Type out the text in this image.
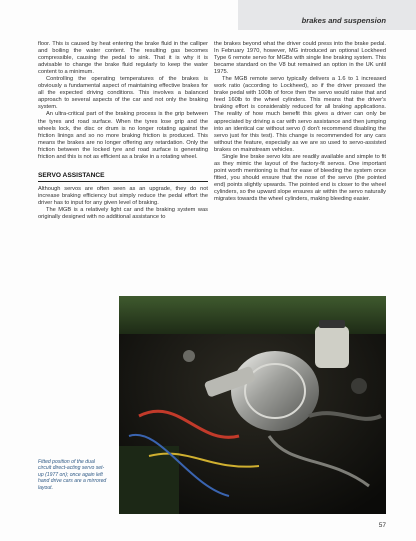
brakes and suspension

floor. This is caused by heat entering the brake fluid in the calliper and boiling the water content. The resulting gas becomes compressible, causing the pedal to sink. That it is why it is advisable to change the brake fluid regularly to keep the water content to a minimum.

Controlling the operating temperatures of the brakes is obviously a fundamental aspect of maintaining effective brakes for all the expected driving conditions. This involves a balanced approach to several aspects of the car and not only the braking system.

An ultra-critical part of the braking process is the grip between the tyres and road surface. When the tyres lose grip and the wheels lock, the disc or drum is no longer rotating against the friction linings and so no more braking friction is produced. This means the brakes are no longer offering any retardation. Only the friction between the locked tyre and road surface is generating friction and this is not as efficient as a brake in a rotating wheel.

SERVO ASSISTANCE

Although servos are often seen as an upgrade, they do not increase braking efficiency but simply reduce the pedal effort the driver has to input for any given level of braking.

The MGB is a relatively light car and the braking system was originally designed with no additional assistance to

the brakes beyond what the driver could press into the brake pedal. In February 1970, however, MG introduced an optional Lockheed Type 6 remote servo for MGBs with single line braking system. This became standard on the V8 but remained an option in the UK until 1975.

The MGB remote servo typically delivers a 1.6 to 1 increased work ratio (according to Lockheed), so if the driver pressed the brake pedal with 100lb of force then the servo would raise that and feed 160lb to the wheel cylinders. This means that the driver's braking effort is considerably reduced for all braking applications. The reality of how much benefit this gives a driver can only be appreciated by driving a car with servo assistance and then jumping into an identical car without servo (I don't recommend disabling the servo just for this test). This change is recommended for any cars without the feature, especially as we are so used to servo-assisted brakes on mainstream vehicles.

Single line brake servo kits are readily available and simple to fit as they mimic the layout of the factory-fit servos. One important point worth mentioning is that for ease of bleeding the system once fitted, you should ensure that the nose of the servo (the pointed end) points slightly upwards. The pointed end is closer to the wheel cylinders, so the upward slope ensures air within the servo naturally migrates towards the wheel cylinders, making bleeding easier.

Fitted position of the dual circuit direct-acting servo set-up (1977 on); once again left hand drive cars are a mirrored layout.
57
